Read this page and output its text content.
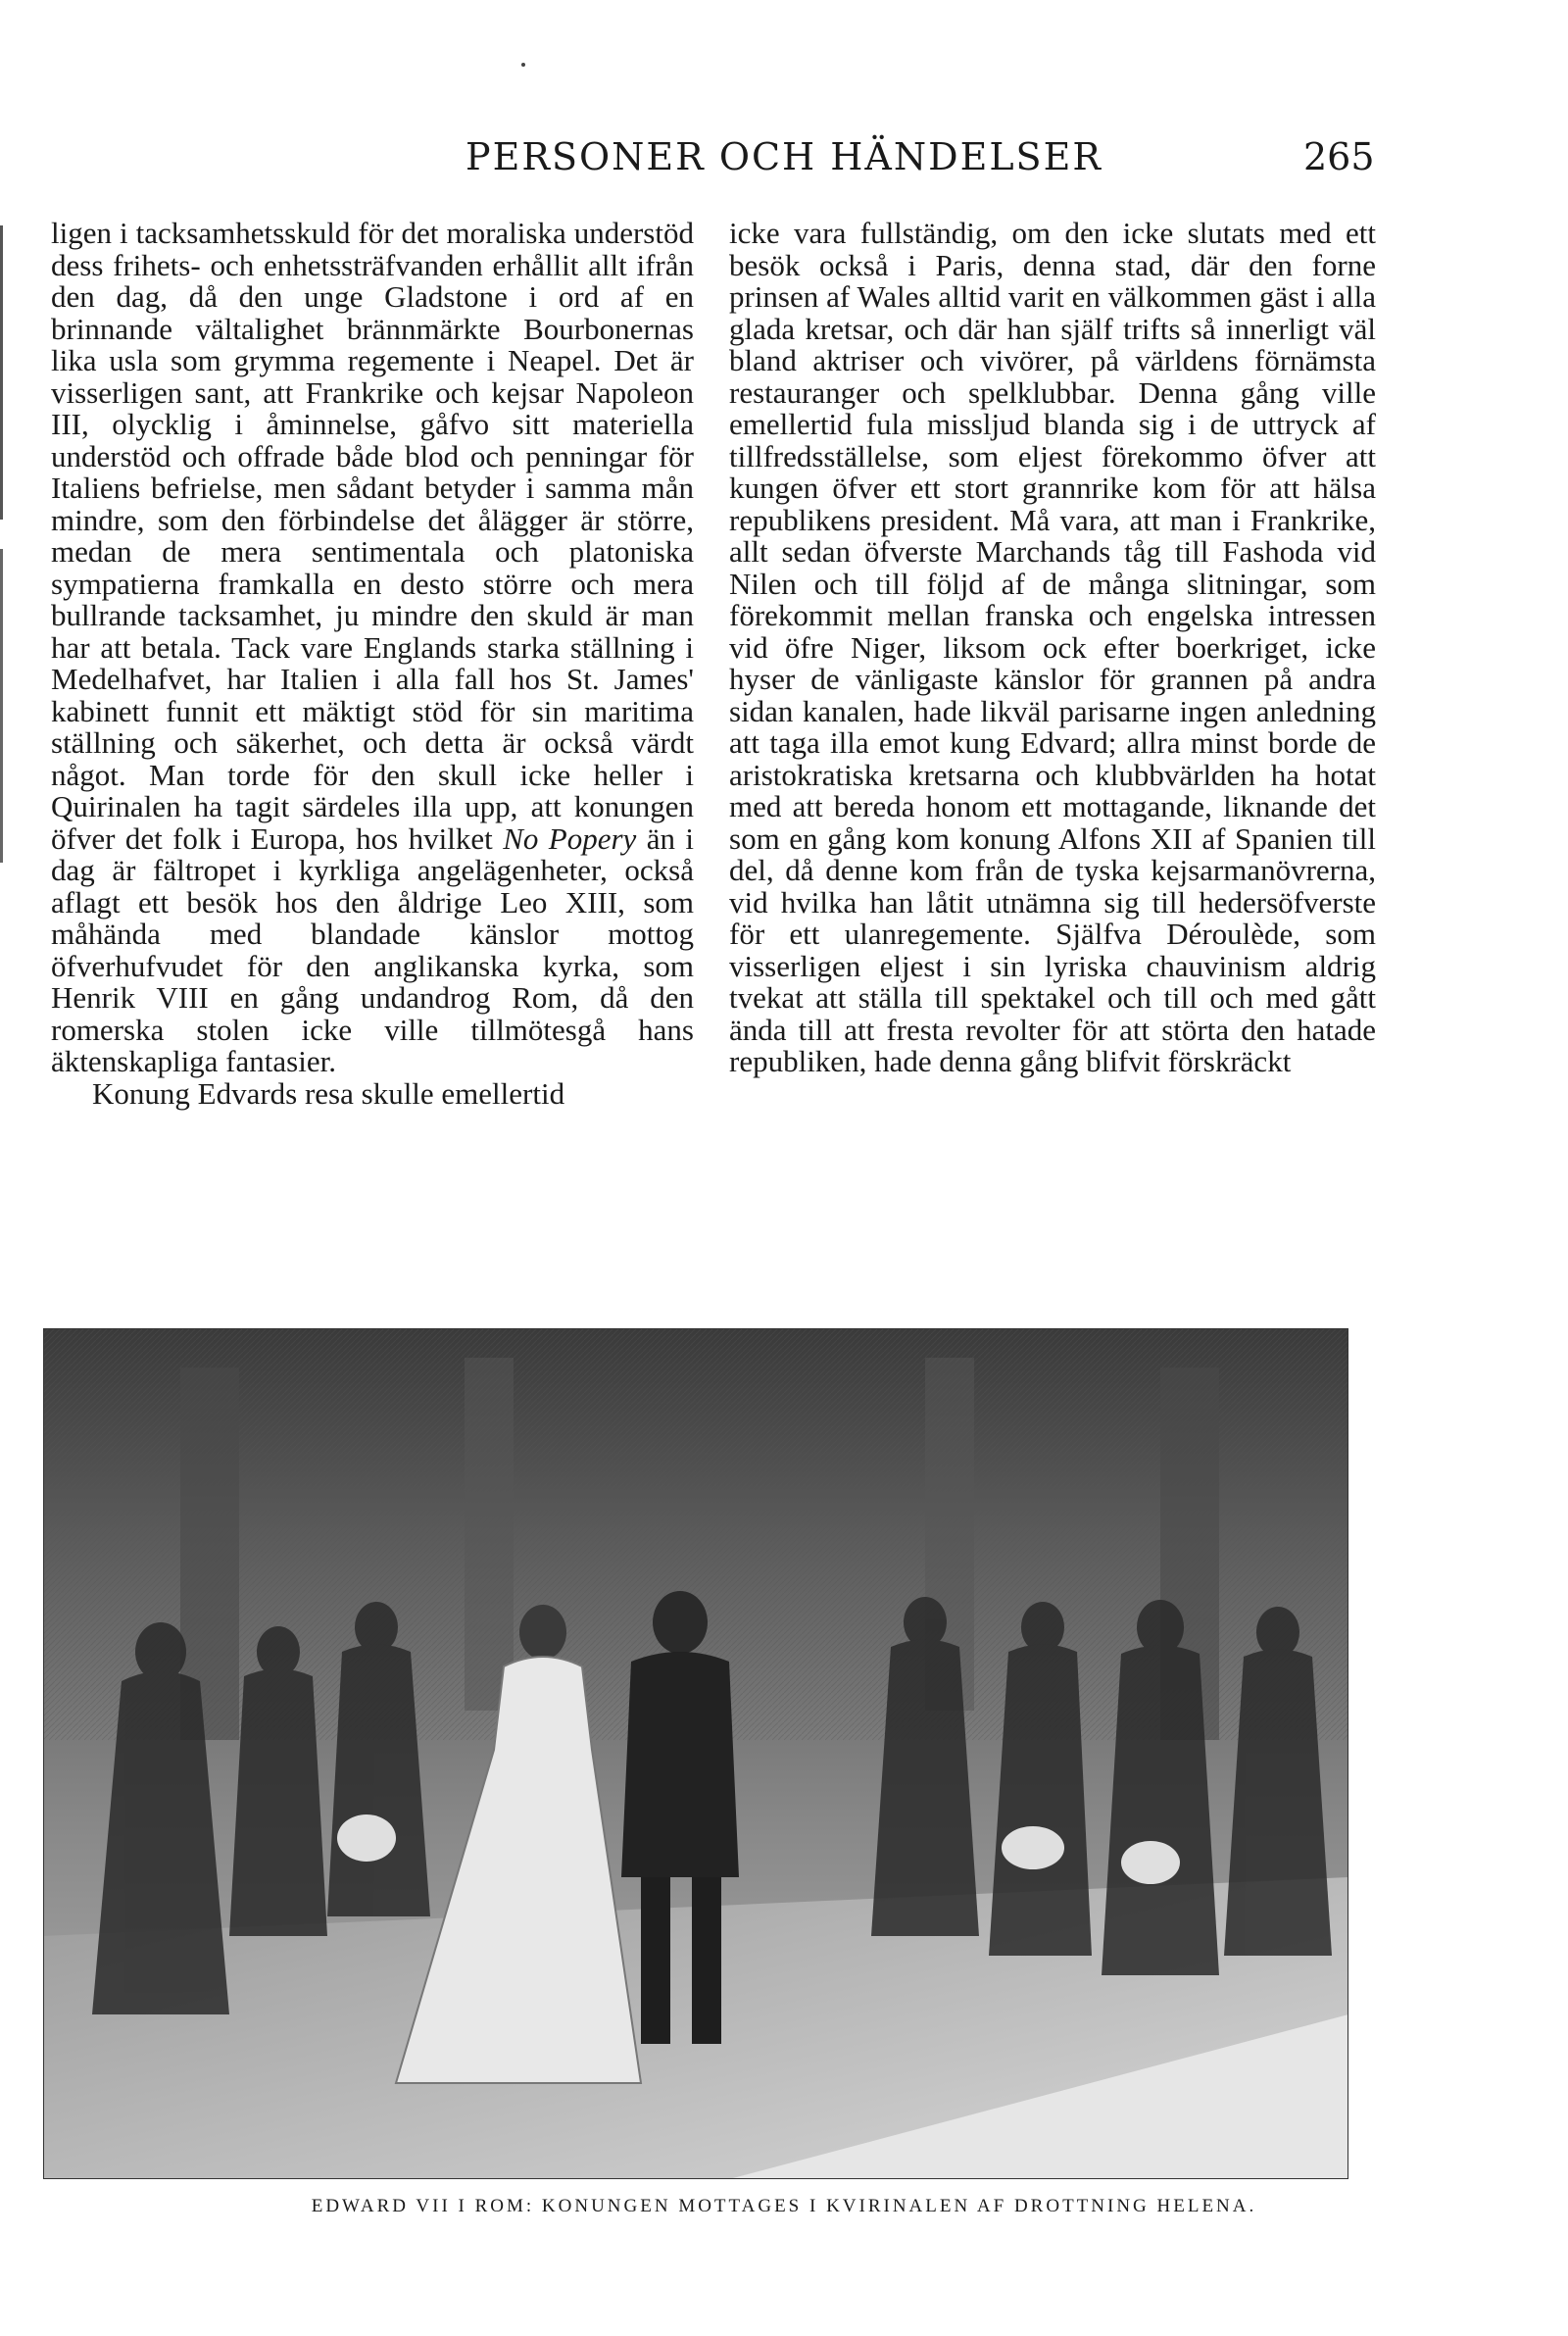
PERSONER OCH HÄNDELSER	265

ligen i tacksamhetsskuld för det moraliska understöd dess frihets- och enhetssträfvanden erhållit allt ifrån den dag, då den unge Gladstone i ord af en brinnande vältalighet brännmärkte Bourbonernas lika usla som grymma regemente i Neapel. Det är visserligen sant, att Frankrike och kejsar Napoleon III, olycklig i åminnelse, gåfvo sitt materiella understöd och offrade både blod och penningar för Italiens befrielse, men sådant betyder i samma mån mindre, som den förbindelse det ålägger är större, medan de mera sentimentala och platoniska sympatierna framkalla en desto större och mera bullrande tacksamhet, ju mindre den skuld är man har att betala. Tack vare Englands starka ställning i Medelhafvet, har Italien i alla fall hos St. James' kabinett funnit ett mäktigt stöd för sin maritima ställning och säkerhet, och detta är också värdt något. Man torde för den skull icke heller i Quirinalen ha tagit särdeles illa upp, att konungen öfver det folk i Europa, hos hvilket No Popery än i dag är fältropet i kyrkliga angelägenheter, också aflagt ett besök hos den åldrige Leo XIII, som måhända med blandade känslor mottog öfverhufvudet för den anglikanska kyrka, som Henrik VIII en gång undandrog Rom, då den romerska stolen icke ville tillmötesgå hans äktenskapliga fantasier.

Konung Edvards resa skulle emellertid

icke vara fullständig, om den icke slutats med ett besök också i Paris, denna stad, där den forne prinsen af Wales alltid varit en välkommen gäst i alla glada kretsar, och där han själf trifts så innerligt väl bland aktriser och vivörer, på världens förnämsta restauranger och spelklubbar. Denna gång ville emellertid fula missljud blanda sig i de uttryck af tillfredsställelse, som eljest förekommo öfver att kungen öfver ett stort grannrike kom för att hälsa republikens president. Må vara, att man i Frankrike, allt sedan öfverste Marchands tåg till Fashoda vid Nilen och till följd af de många slitningar, som förekommit mellan franska och engelska intressen vid öfre Niger, liksom ock efter boerkriget, icke hyser de vänligaste känslor för grannen på andra sidan kanalen, hade likväl parisarne ingen anledning att taga illa emot kung Edvard; allra minst borde de aristokratiska kretsarna och klubbvärlden ha hotat med att bereda honom ett mottagande, liknande det som en gång kom konung Alfons XII af Spanien till del, då denne kom från de tyska kejsarmanövrerna, vid hvilka han låtit utnämna sig till hedersöfverste för ett ulanregemente. Själfva Déroulède, som visserligen eljest i sin lyriska chauvinism aldrig tvekat att ställa till spektakel och till och med gått ända till att fresta revolter för att störta den hatade republiken, hade denna gång blifvit förskräckt

EDWARD VII I ROM: KONUNGEN MOTTAGES I KVIRINALEN AF DROTTNING HELENA.
